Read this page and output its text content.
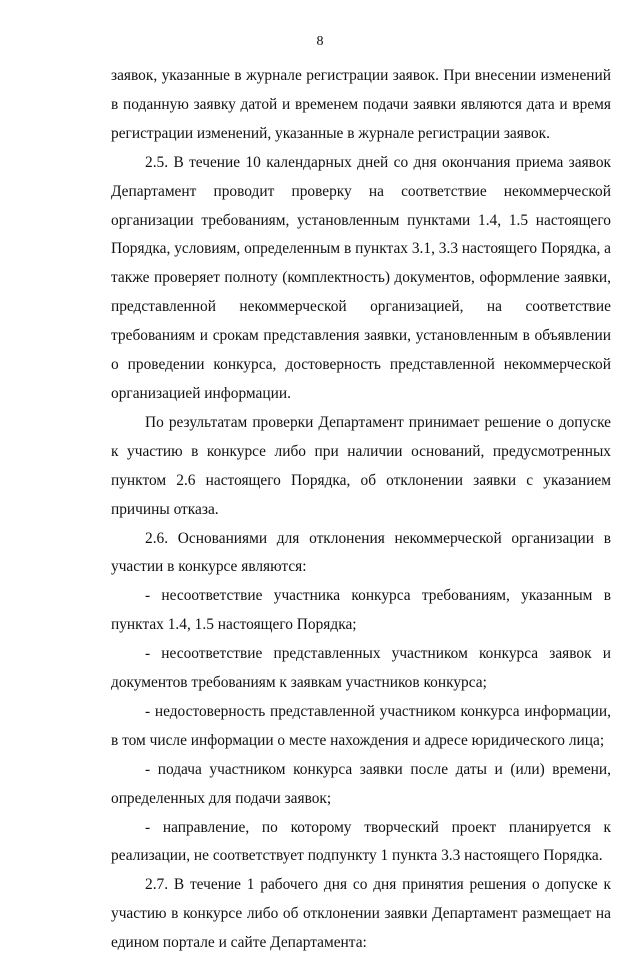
8

заявок, указанные в журнале регистрации заявок. При внесении изменений в поданную заявку датой и временем подачи заявки являются дата и время регистрации изменений, указанные в журнале регистрации заявок.

2.5. В течение 10 календарных дней со дня окончания приема заявок Департамент проводит проверку на соответствие некоммерческой организации требованиям, установленным пунктами 1.4, 1.5 настоящего Порядка, условиям, определенным в пунктах 3.1, 3.3 настоящего Порядка, а также проверяет полноту (комплектность) документов, оформление заявки, представленной некоммерческой организацией, на соответствие требованиям и срокам представления заявки, установленным в объявлении о проведении конкурса, достоверность представленной некоммерческой организацией информации.

По результатам проверки Департамент принимает решение о допуске к участию в конкурсе либо при наличии оснований, предусмотренных пунктом 2.6 настоящего Порядка, об отклонении заявки с указанием причины отказа.

2.6. Основаниями для отклонения некоммерческой организации в участии в конкурсе являются:

- несоответствие участника конкурса требованиям, указанным в пунктах 1.4, 1.5 настоящего Порядка;

- несоответствие представленных участником конкурса заявок и документов требованиям к заявкам участников конкурса;

- недостоверность представленной участником конкурса информации, в том числе информации о месте нахождения и адресе юридического лица;

- подача участником конкурса заявки после даты и (или) времени, определенных для подачи заявок;

- направление, по которому творческий проект планируется к реализации, не соответствует подпункту 1 пункта 3.3 настоящего Порядка.

2.7. В течение 1 рабочего дня со дня принятия решения о допуске к участию в конкурсе либо об отклонении заявки Департамент размещает на едином портале и сайте Департамента:
